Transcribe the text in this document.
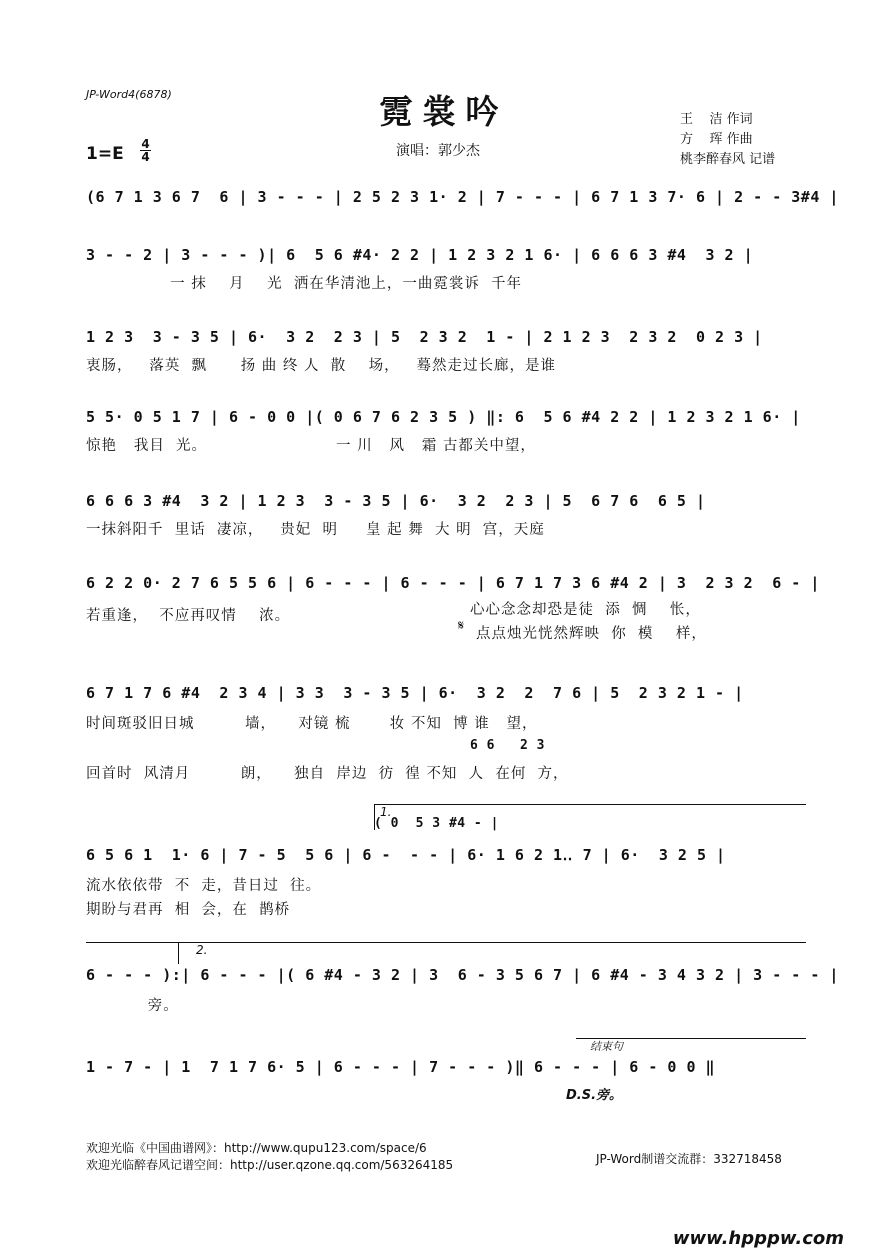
JP-Word4(6878)	霓裳吟
1=E 4
4	演唱：郭少杰
王    洁 作词
方    珲 作曲
桃李醉春风 记谱
(6 7 1 3 6 7  6 | 3 - - - | 2 5 2 3 1· 2 | 7 - - - | 6 7 1 3 7· 6 | 2 - - 3#4 |
3 - - 2 | 3 - - - )| 6  5 6 #4· 2 2 | 1 2 3 2 1 6· | 6 6 6 3 #4  3 2 |
一 抹    月    光  洒在华清池上，一曲霓裳诉  千年
1 2 3  3 - 3 5 | 6·  3 2  2 3 | 5  2 3 2  1 - | 2 1 2 3  2 3 2  0 2 3 |
衷肠，   落英  飘      扬 曲 终 人  散    场，   蓦然走过长廊，是谁
5 5· 0 5 1 7 | 6 - 0 0 |( 0 6 7 6 2 3 5 ) ‖: 6  5 6 #4 2 2 | 1 2 3 2 1 6· |
惊艳   我目  光。                       一 川   风   霜 古都关中望，
6 6 6 3 #4  3 2 | 1 2 3  3 - 3 5 | 6·  3 2  2 3 | 5  6 7 6  6 5 |
一抹斜阳千  里话  凄凉，   贵妃  明     皇 起 舞  大 明  宫，天庭
6 2 2 0· 2 7 6 5 5 6 | 6 - - - | 6 - - - | 6 7 1 7 3 6 #4 2 | 3  2 3 2  6 - |
若重逢，  不应再叹情    浓。	心心念念却恐是徒  添  惆    怅，
𝄋 点点烛光恍然辉映  你  模    样，
6 7 1 7 6 #4  2 3 4 | 3 3  3 - 3 5 | 6·  3 2  2  7 6 | 5  2 3 2 1 - |
时间斑驳旧日城         墙，    对镜 梳       妆 不知  博 谁   望，
6 6   2 3
回首时  风清月         朗，    独自  岸边  彷  徨 不知  人  在何  方，
1.
( 0  5 3 #4 - |
6 5 6 1  1· 6 | 7 - 5  5 6 | 6 -  - - | 6· 1 6 2 1‥ 7 | 6·  3 2 5 |
流水依依带  不  走，昔日过  往。
期盼与君再  相  会，在  鹊桥
2.
6 - - - ):| 6 - - - |( 6 #4 - 3 2 | 3  6 - 3 5 6 7 | 6 #4 - 3 4 3 2 | 3 - - - |
旁。
结束句
1 - 7 - | 1  7 1 7 6· 5 | 6 - - - | 7 - - - )‖ 6 - - - | 6 - 0 0 ‖
D.S.旁。
欢迎光临《中国曲谱网》：http://www.qupu123.com/space/6
欢迎光临醉春风记谱空间：http://user.qzone.qq.com/563264185	JP-Word制谱交流群：332718458
www.hpppw.com
